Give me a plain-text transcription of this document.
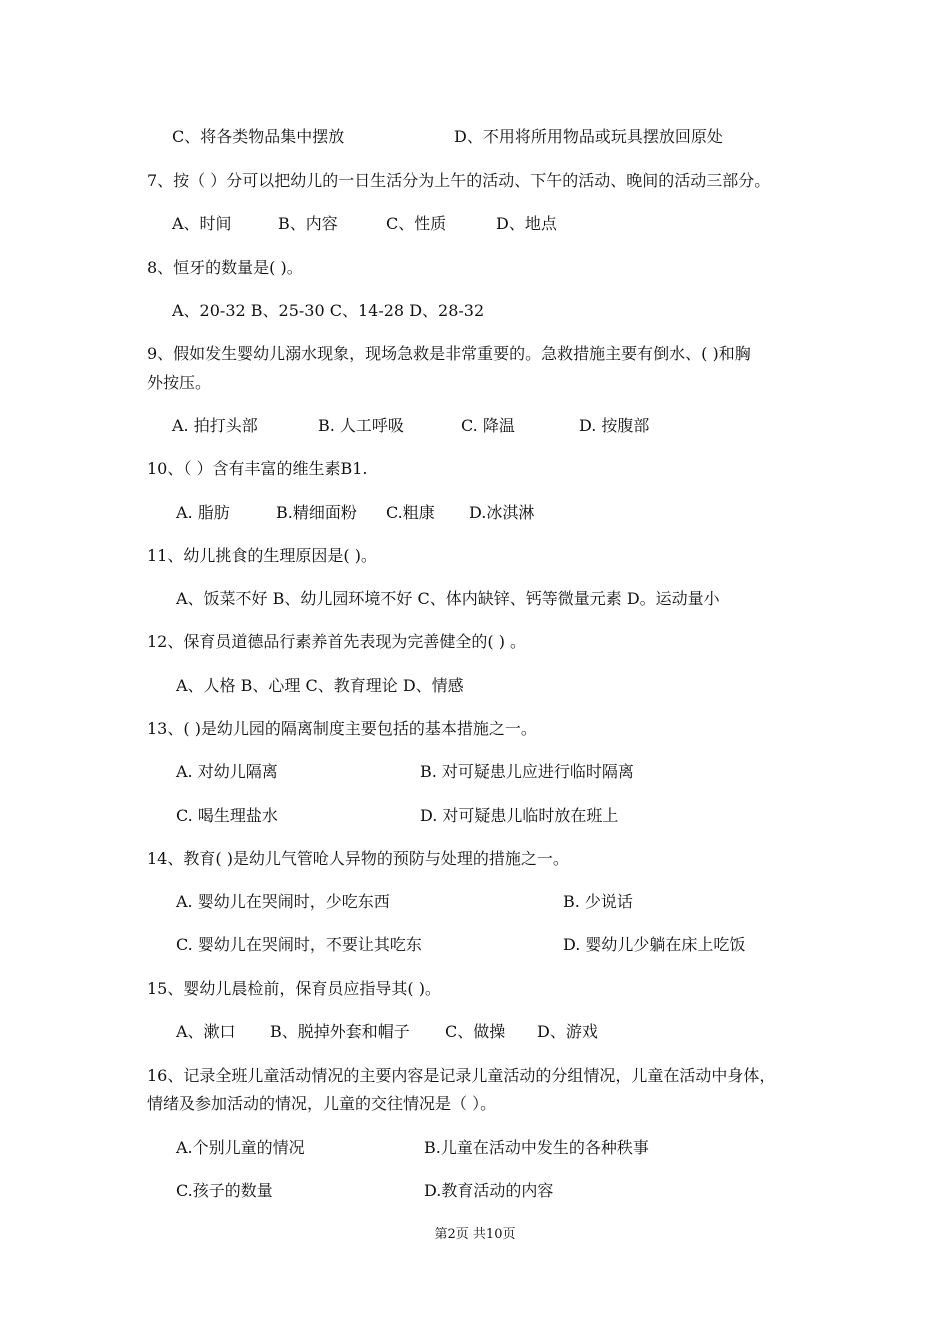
C、将各类物品集中摆放	D、不用将所用物品或玩具摆放回原处
7、按（ ）分可以把幼儿的一日生活分为上午的活动、下午的活动、晚间的活动三部分。
A、时间	B、内容	C、性质	D、地点
8、恒牙的数量是( )。
A、20-32 B、25-30 C、14-28 D、28-32
9、假如发生婴幼儿溺水现象，现场急救是非常重要的。急救措施主要有倒水、( )和胸
外按压。
A. 拍打头部	B. 人工呼吸	C. 降温	D. 按腹部
10、（ ）含有丰富的维生素B1.
A. 脂肪	B.精细面粉 C.粗康 D.冰淇淋
11、幼儿挑食的生理原因是( )。
A、饭菜不好 B、幼儿园环境不好 C、体内缺锌、钙等微量元素 D。运动量小
12、保育员道德品行素养首先表现为完善健全的( ) 。
A、人格 B、心理 C、教育理论 D、情感
13、( )是幼儿园的隔离制度主要包括的基本措施之一。
A. 对幼儿隔离	B. 对可疑患儿应进行临时隔离
C. 喝生理盐水	D. 对可疑患儿临时放在班上
14、教育( )是幼儿气管呛人异物的预防与处理的措施之一。
A. 婴幼儿在哭闹时，少吃东西	B. 少说话
C. 婴幼儿在哭闹时，不要让其吃东	D. 婴幼儿少躺在床上吃饭
15、婴幼儿晨检前，保育员应指导其( )。
A、漱口 B、脱掉外套和帽子 C、做操 D、游戏
16、记录全班儿童活动情况的主要内容是记录儿童活动的分组情况，儿童在活动中身体，
情绪及参加活动的情况，儿童的交往情况是（ ）。
A.个别儿童的情况	B.儿童在活动中发生的各种秩事
C.孩子的数量	D.教育活动的内容
第2页 共10页
